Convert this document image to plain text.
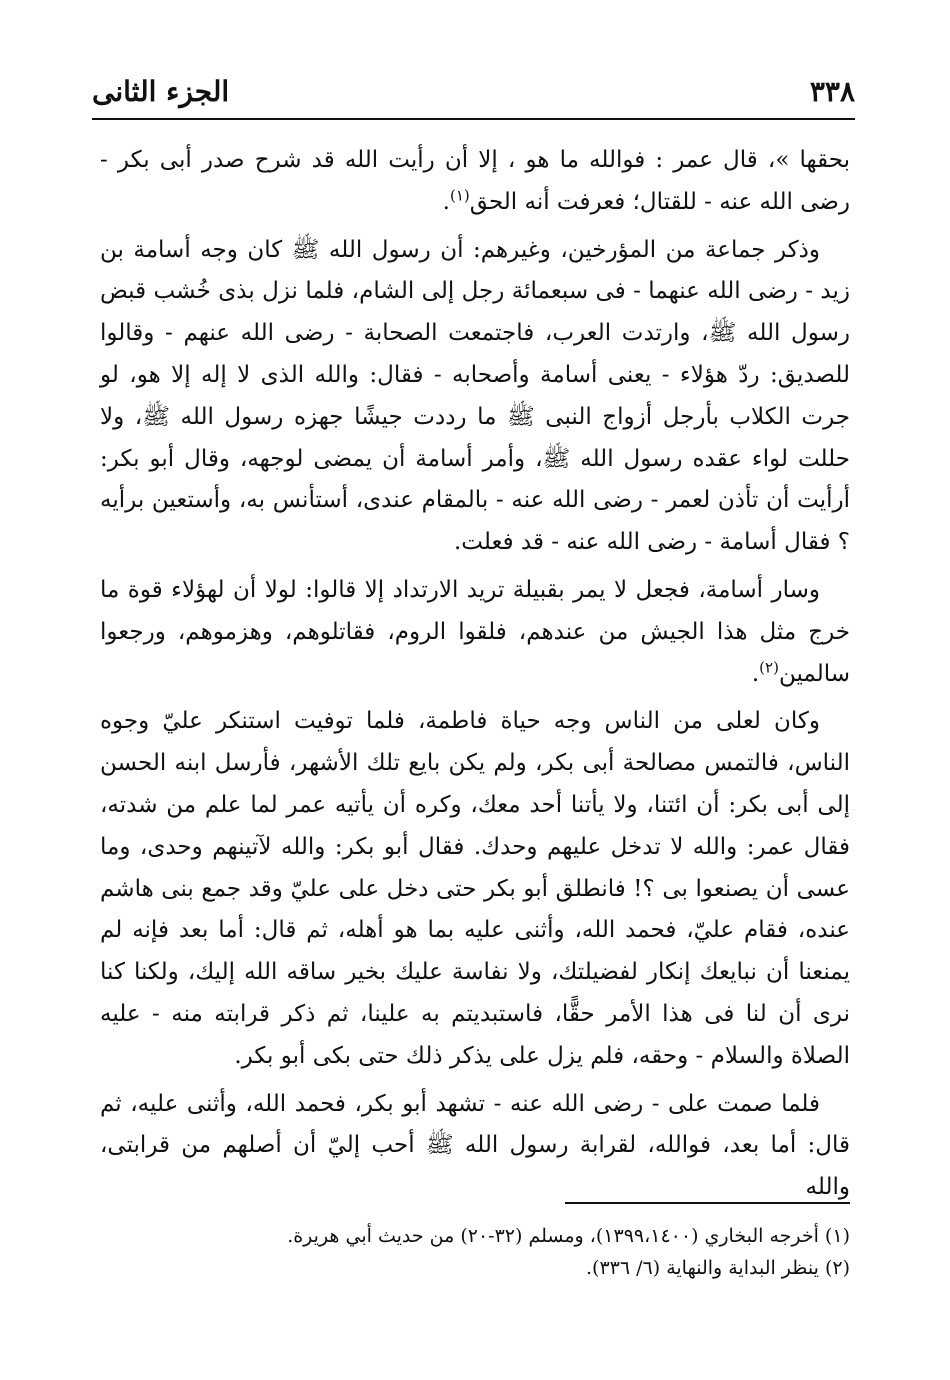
٣٣٨
الجزء الثانى

بحقها »، قال عمر : فوالله ما هو ، إلا أن رأيت الله قد شرح صدر أبى بكر - رضى الله عنه - للقتال؛ فعرفت أنه الحق$^{(١)}$.

وذكر جماعة من المؤرخين، وغيرهم: أن رسول الله ﷺ كان وجه أسامة بن زيد - رضى الله عنهما - فى سبعمائة رجل إلى الشام، فلما نزل بذى خُشب قبض رسول الله ﷺ، وارتدت العرب، فاجتمعت الصحابة - رضى الله عنهم - وقالوا للصديق: ردّ هؤلاء - يعنى أسامة وأصحابه - فقال: والله الذى لا إله إلا هو، لو جرت الكلاب بأرجل أزواج النبى ﷺ ما رددت جيشًا جهزه رسول الله ﷺ، ولا حللت لواء عقده رسول الله ﷺ، وأمر أسامة أن يمضى لوجهه، وقال أبو بكر: أرأيت أن تأذن لعمر - رضى الله عنه - بالمقام عندى، أستأنس به، وأستعين برأيه ؟ فقال أسامة - رضى الله عنه - قد فعلت.

وسار أسامة، فجعل لا يمر بقبيلة تريد الارتداد إلا قالوا: لولا أن لهؤلاء قوة ما خرج مثل هذا الجيش من عندهم، فلقوا الروم، فقاتلوهم، وهزموهم، ورجعوا سالمين$^{(٢)}$.

وكان لعلى من الناس وجه حياة فاطمة، فلما توفيت استنكر عليّ وجوه الناس، فالتمس مصالحة أبى بكر، ولم يكن بايع تلك الأشهر، فأرسل ابنه الحسن إلى أبى بكر: أن ائتنا، ولا يأتنا أحد معك، وكره أن يأتيه عمر لما علم من شدته، فقال عمر: والله لا تدخل عليهم وحدك. فقال أبو بكر: والله لآتينهم وحدى، وما عسى أن يصنعوا بى ؟! فانطلق أبو بكر حتى دخل على عليّ وقد جمع بنى هاشم عنده، فقام عليّ، فحمد الله، وأثنى عليه بما هو أهله، ثم قال: أما بعد فإنه لم يمنعنا أن نبايعك إنكار لفضيلتك، ولا نفاسة عليك بخير ساقه الله إليك، ولكنا كنا نرى أن لنا فى هذا الأمر حقًّا، فاستبديتم به علينا، ثم ذكر قرابته منه - عليه الصلاة والسلام - وحقه، فلم يزل على يذكر ذلك حتى بكى أبو بكر.

فلما صمت على - رضى الله عنه - تشهد أبو بكر، فحمد الله، وأثنى عليه، ثم قال: أما بعد، فوالله، لقرابة رسول الله ﷺ أحب إليّ أن أصلهم من قرابتى، والله

(١) أخرجه البخاري (١٣٩٩،١٤٠٠)، ومسلم (٣٢-٢٠) من حديث أبي هريرة.

(٢) ينظر البداية والنهاية (٦/ ٣٣٦).
